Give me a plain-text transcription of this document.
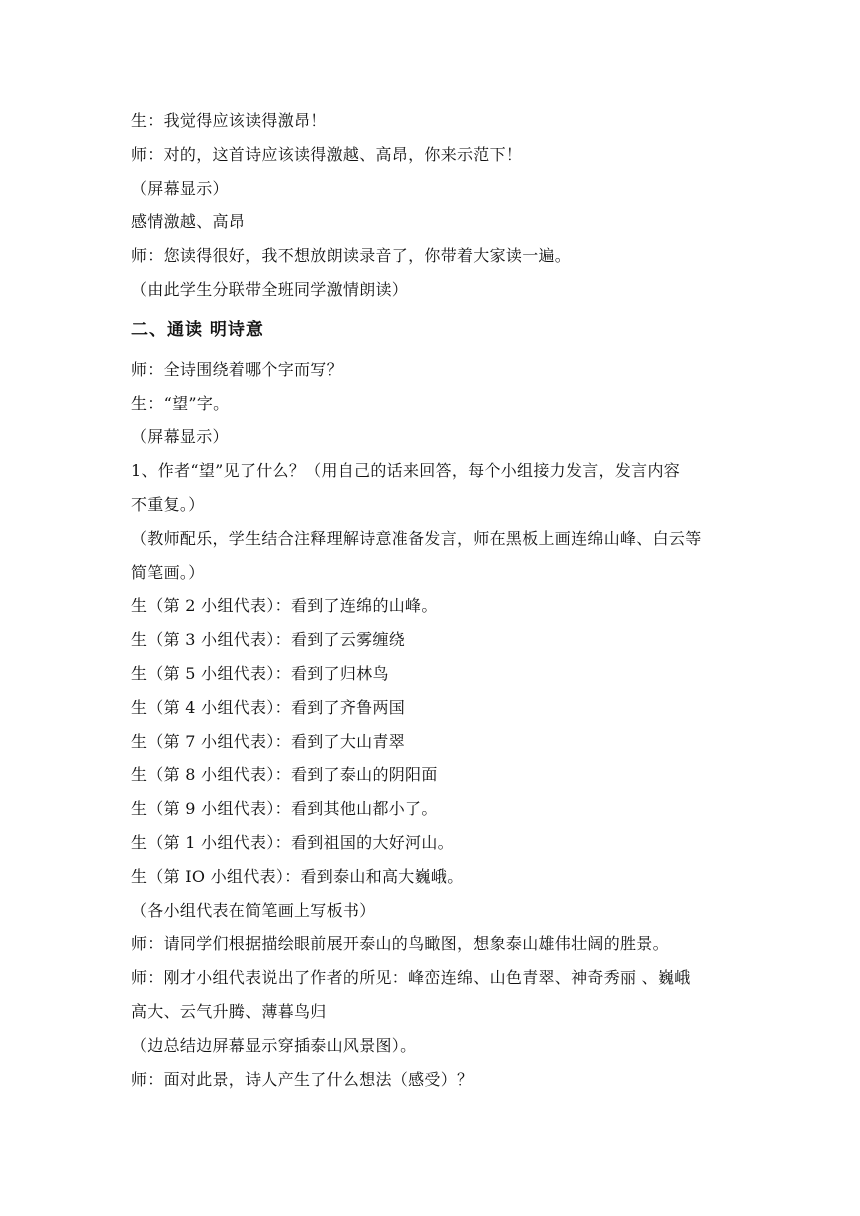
生：我觉得应该读得激昂！
师：对的，这首诗应该读得激越、高昂，你来示范下！
（屏幕显示）
感情激越、高昂
师：您读得很好，我不想放朗读录音了，你带着大家读一遍。
（由此学生分联带全班同学激情朗读）
二、通读 明诗意
师：全诗围绕着哪个字而写？
生：“望”字。
（屏幕显示）
1、作者“望”见了什么？（用自己的话来回答，每个小组接力发言，发言内容
不重复。）
（教师配乐，学生结合注释理解诗意准备发言，师在黑板上画连绵山峰、白云等
简笔画。）
生（第 2 小组代表）：看到了连绵的山峰。
生（第 3 小组代表）：看到了云雾缠绕
生（第 5 小组代表）：看到了归林鸟
生（第 4 小组代表）：看到了齐鲁两国
生（第 7 小组代表）：看到了大山青翠
生（第 8 小组代表）：看到了泰山的阴阳面
生（第 9 小组代表）：看到其他山都小了。
生（第 1 小组代表）：看到祖国的大好河山。
生（第 IO 小组代表）：看到泰山和高大巍峨。
（各小组代表在简笔画上写板书）
师：请同学们根据描绘眼前展开泰山的鸟瞰图，想象泰山雄伟壮阔的胜景。
师：刚才小组代表说出了作者的所见：峰峦连绵、山色青翠、神奇秀丽 、巍峨
高大、云气升腾、薄暮鸟归
（边总结边屏幕显示穿插泰山风景图）。
师：面对此景，诗人产生了什么想法（感受）？
